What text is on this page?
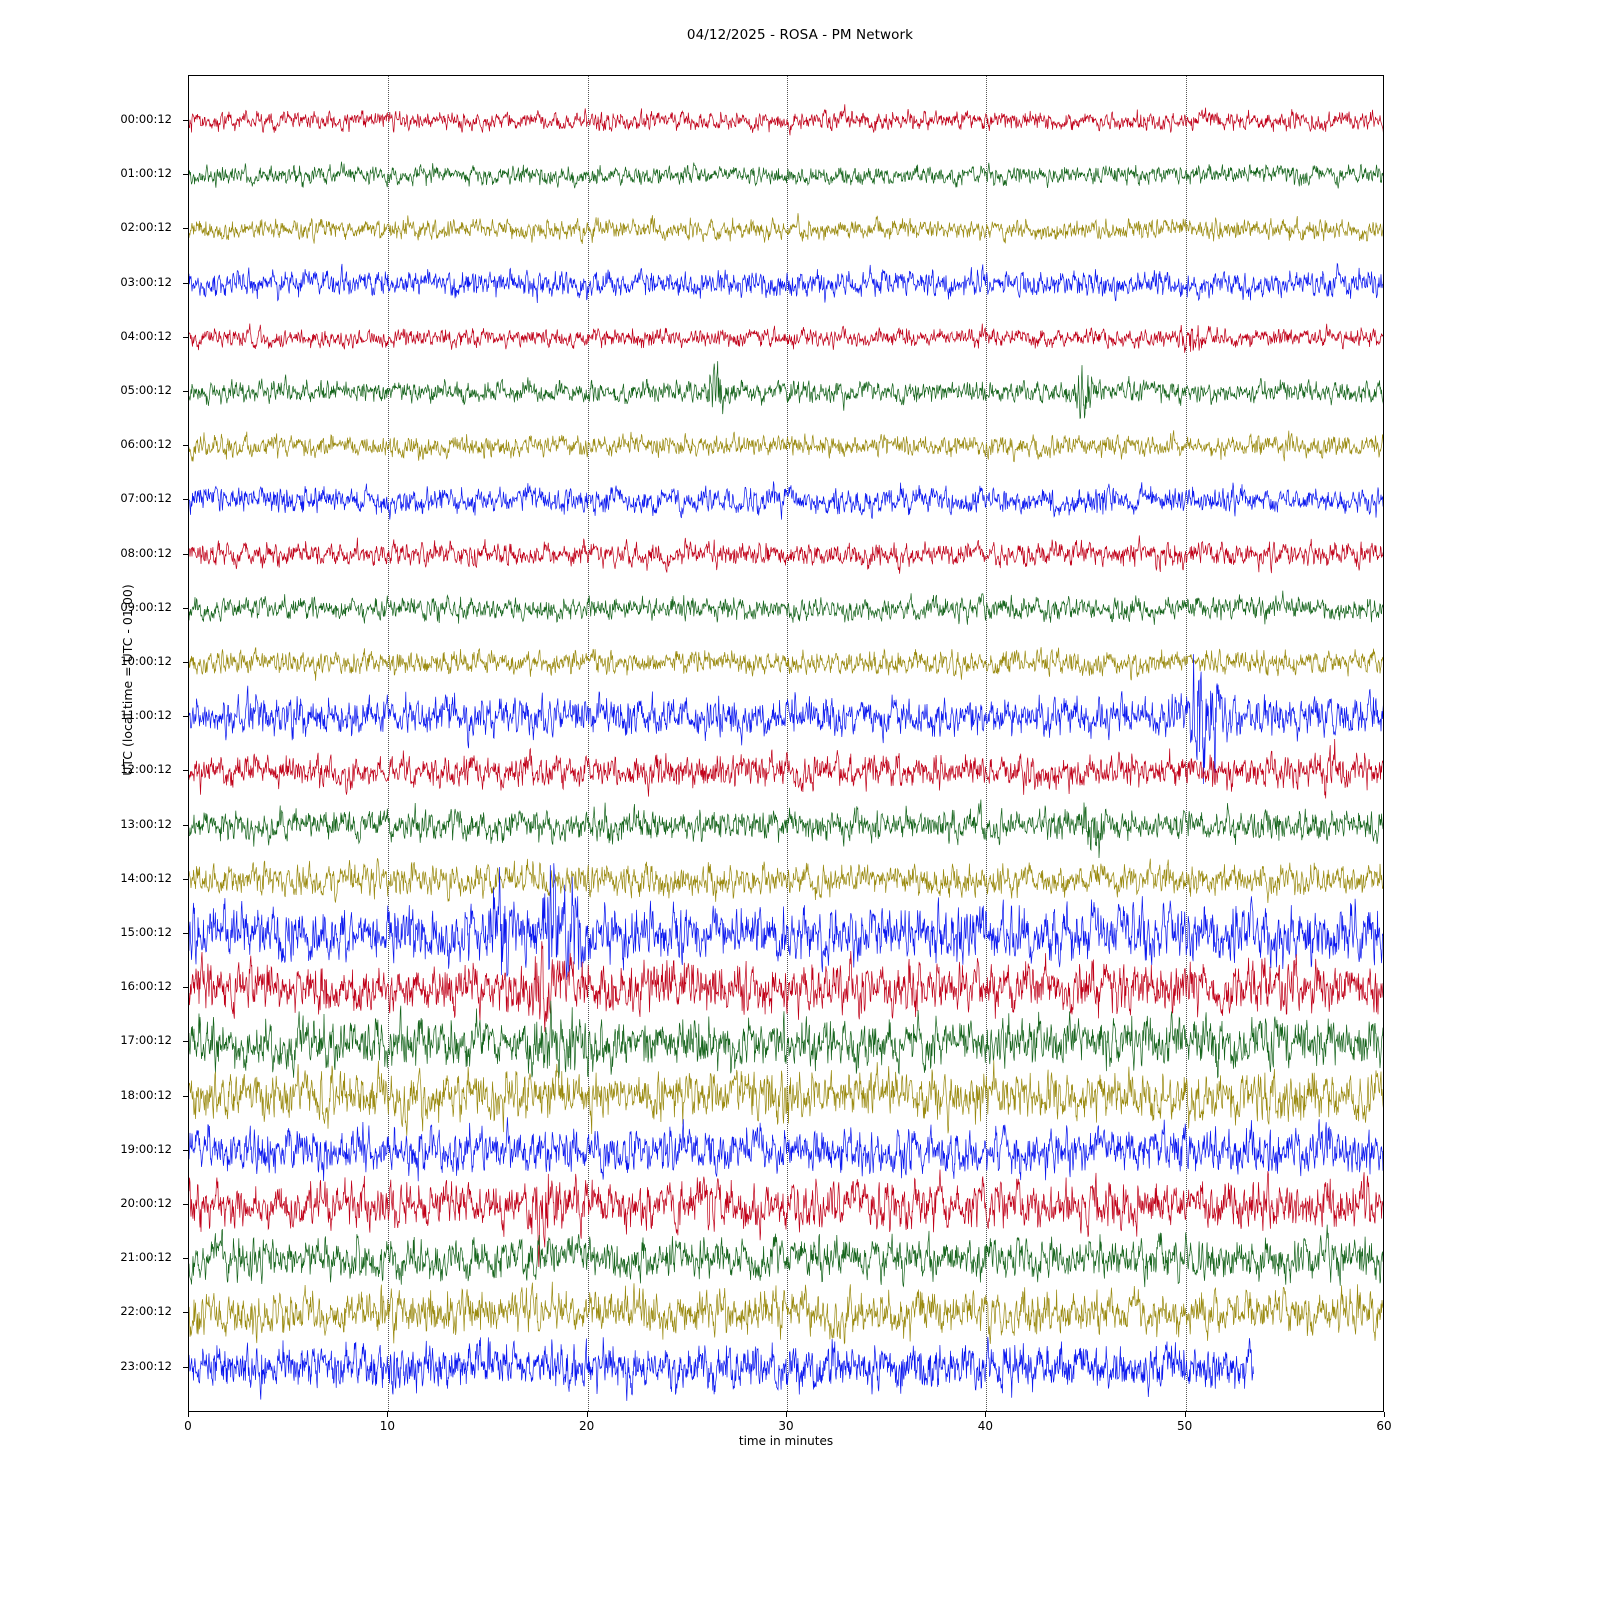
04/12/2025 - ROSA - PM Network
UTC (local time = UTC - 01:00)
time in minutes
0	10	20	30	40	50	60
00:00:12
01:00:12
02:00:12
03:00:12
04:00:12
05:00:12
06:00:12
07:00:12
08:00:12
09:00:12
10:00:12
11:00:12
12:00:12
13:00:12
14:00:12
15:00:12
16:00:12
17:00:12
18:00:12
19:00:12
20:00:12
21:00:12
22:00:12
23:00:12
